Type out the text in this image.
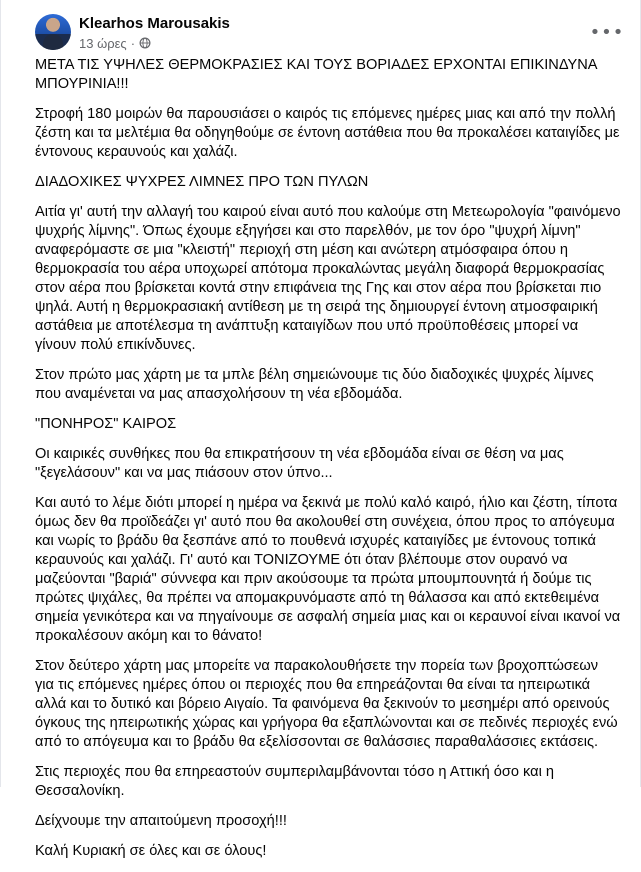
Klearhos Marousakis
13 ώρες ·
•••

ΜΕΤΑ ΤΙΣ ΥΨΗΛΕΣ ΘΕΡΜΟΚΡΑΣΙΕΣ ΚΑΙ ΤΟΥΣ ΒΟΡΙΑΔΕΣ ΕΡΧΟΝΤΑΙ ΕΠΙΚΙΝΔΥΝΑ ΜΠΟΥΡΙΝΙΑ!!!

Στροφή 180 μοιρών θα παρουσιάσει ο καιρός τις επόμενες ημέρες μιας και από την πολλή ζέστη και τα μελτέμια θα οδηγηθούμε σε έντονη αστάθεια που θα προκαλέσει καταιγίδες με έντονους κεραυνούς και χαλάζι.

ΔΙΑΔΟΧΙΚΕΣ ΨΥΧΡΕΣ ΛΙΜΝΕΣ ΠΡΟ ΤΩΝ ΠΥΛΩΝ

Αιτία γι' αυτή την αλλαγή του καιρού είναι αυτό που καλούμε στη Μετεωρολογία "φαινόμενο ψυχρής λίμνης". Όπως έχουμε εξηγήσει και στο παρελθόν, με τον όρο "ψυχρή λίμνη" αναφερόμαστε σε μια "κλειστή" περιοχή στη μέση και ανώτερη ατμόσφαιρα όπου η θερμοκρασία του αέρα υποχωρεί απότομα προκαλώντας μεγάλη διαφορά θερμοκρασίας στον αέρα που βρίσκεται κοντά στην επιφάνεια της Γης και στον αέρα που βρίσκεται πιο ψηλά. Αυτή η θερμοκρασιακή αντίθεση με τη σειρά της δημιουργεί έντονη ατμοσφαιρική αστάθεια με αποτέλεσμα τη ανάπτυξη καταιγίδων που υπό προϋποθέσεις μπορεί να γίνουν πολύ επικίνδυνες.

Στον πρώτο μας χάρτη με τα μπλε βέλη σημειώνουμε τις δύο διαδοχικές ψυχρές λίμνες που αναμένεται να μας απασχολήσουν τη νέα εβδομάδα.

"ΠΟΝΗΡΟΣ" ΚΑΙΡΟΣ

Οι καιρικές συνθήκες που θα επικρατήσουν τη νέα εβδομάδα είναι σε θέση να μας "ξεγελάσουν" και να μας πιάσουν στον ύπνο...

Και αυτό το λέμε διότι μπορεί η ημέρα να ξεκινά με πολύ καλό καιρό, ήλιο και ζέστη, τίποτα όμως δεν θα προϊδεάζει γι' αυτό που θα ακολουθεί στη συνέχεια, όπου προς το απόγευμα και νωρίς το βράδυ θα ξεσπάνε από το πουθενά ισχυρές καταιγίδες με έντονους τοπικά κεραυνούς και χαλάζι. Γι' αυτό και ΤΟΝΙΖΟΥΜΕ ότι όταν βλέπουμε στον ουρανό να μαζεύονται "βαριά" σύννεφα και πριν ακούσουμε τα πρώτα μπουμπουνητά ή δούμε τις πρώτες ψιχάλες, θα πρέπει να απομακρυνόμαστε από τη θάλασσα και από εκτεθειμένα σημεία γενικότερα και να πηγαίνουμε σε ασφαλή σημεία μιας και οι κεραυνοί είναι ικανοί να προκαλέσουν ακόμη και το θάνατο!

Στον δεύτερο χάρτη μας μπορείτε να παρακολουθήσετε την πορεία των βροχοπτώσεων για τις επόμενες ημέρες όπου οι περιοχές που θα επηρεάζονται θα είναι τα ηπειρωτικά αλλά και το δυτικό και βόρειο Αιγαίο. Τα φαινόμενα θα ξεκινούν το μεσημέρι από ορεινούς όγκους της ηπειρωτικής χώρας και γρήγορα θα εξαπλώνονται και σε πεδινές περιοχές ενώ από το απόγευμα και το βράδυ θα εξελίσσονται σε θαλάσσιες παραθαλάσσιες εκτάσεις.

Στις περιοχές που θα επηρεαστούν συμπεριλαμβάνονται τόσο η Αττική όσο και η Θεσσαλονίκη.

Δείχνουμε την απαιτούμενη προσοχή!!!

Καλή Κυριακή σε όλες και σε όλους!
